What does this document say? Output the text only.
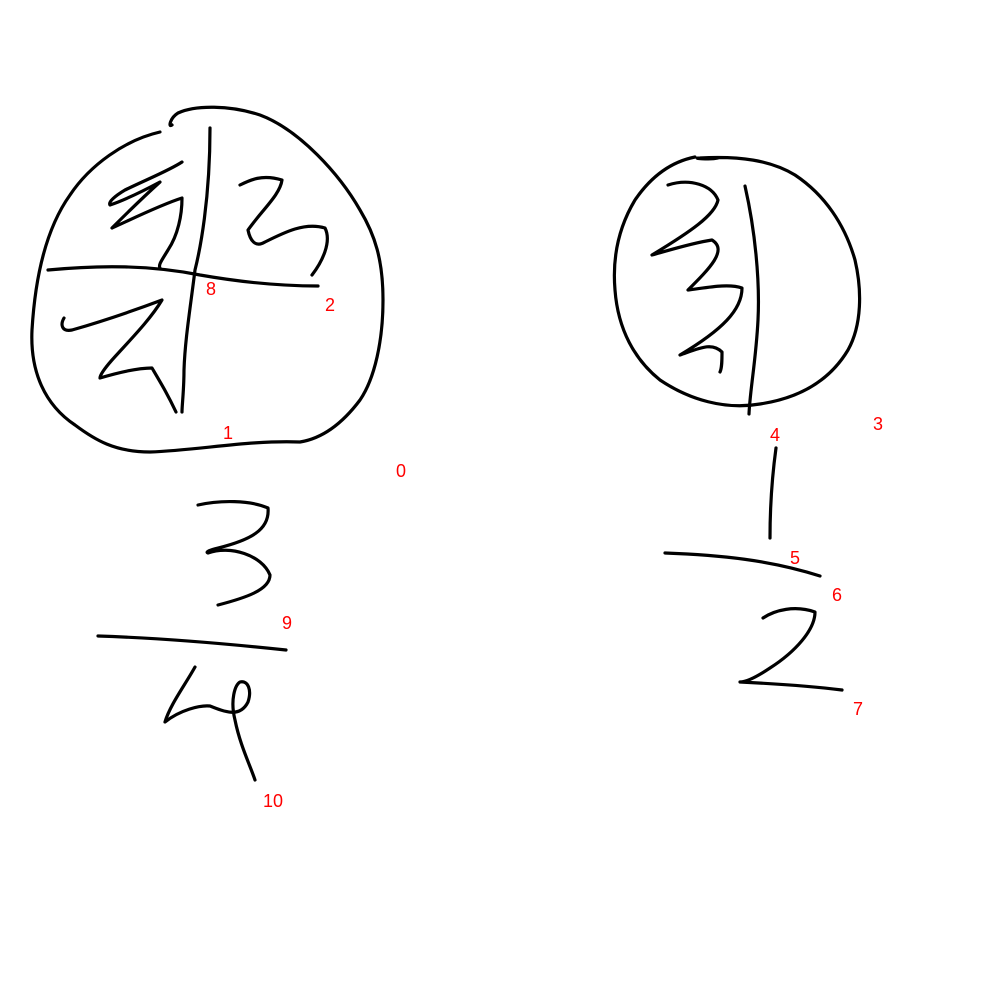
0
1
2
3
4
5
6
7
8
9
10
